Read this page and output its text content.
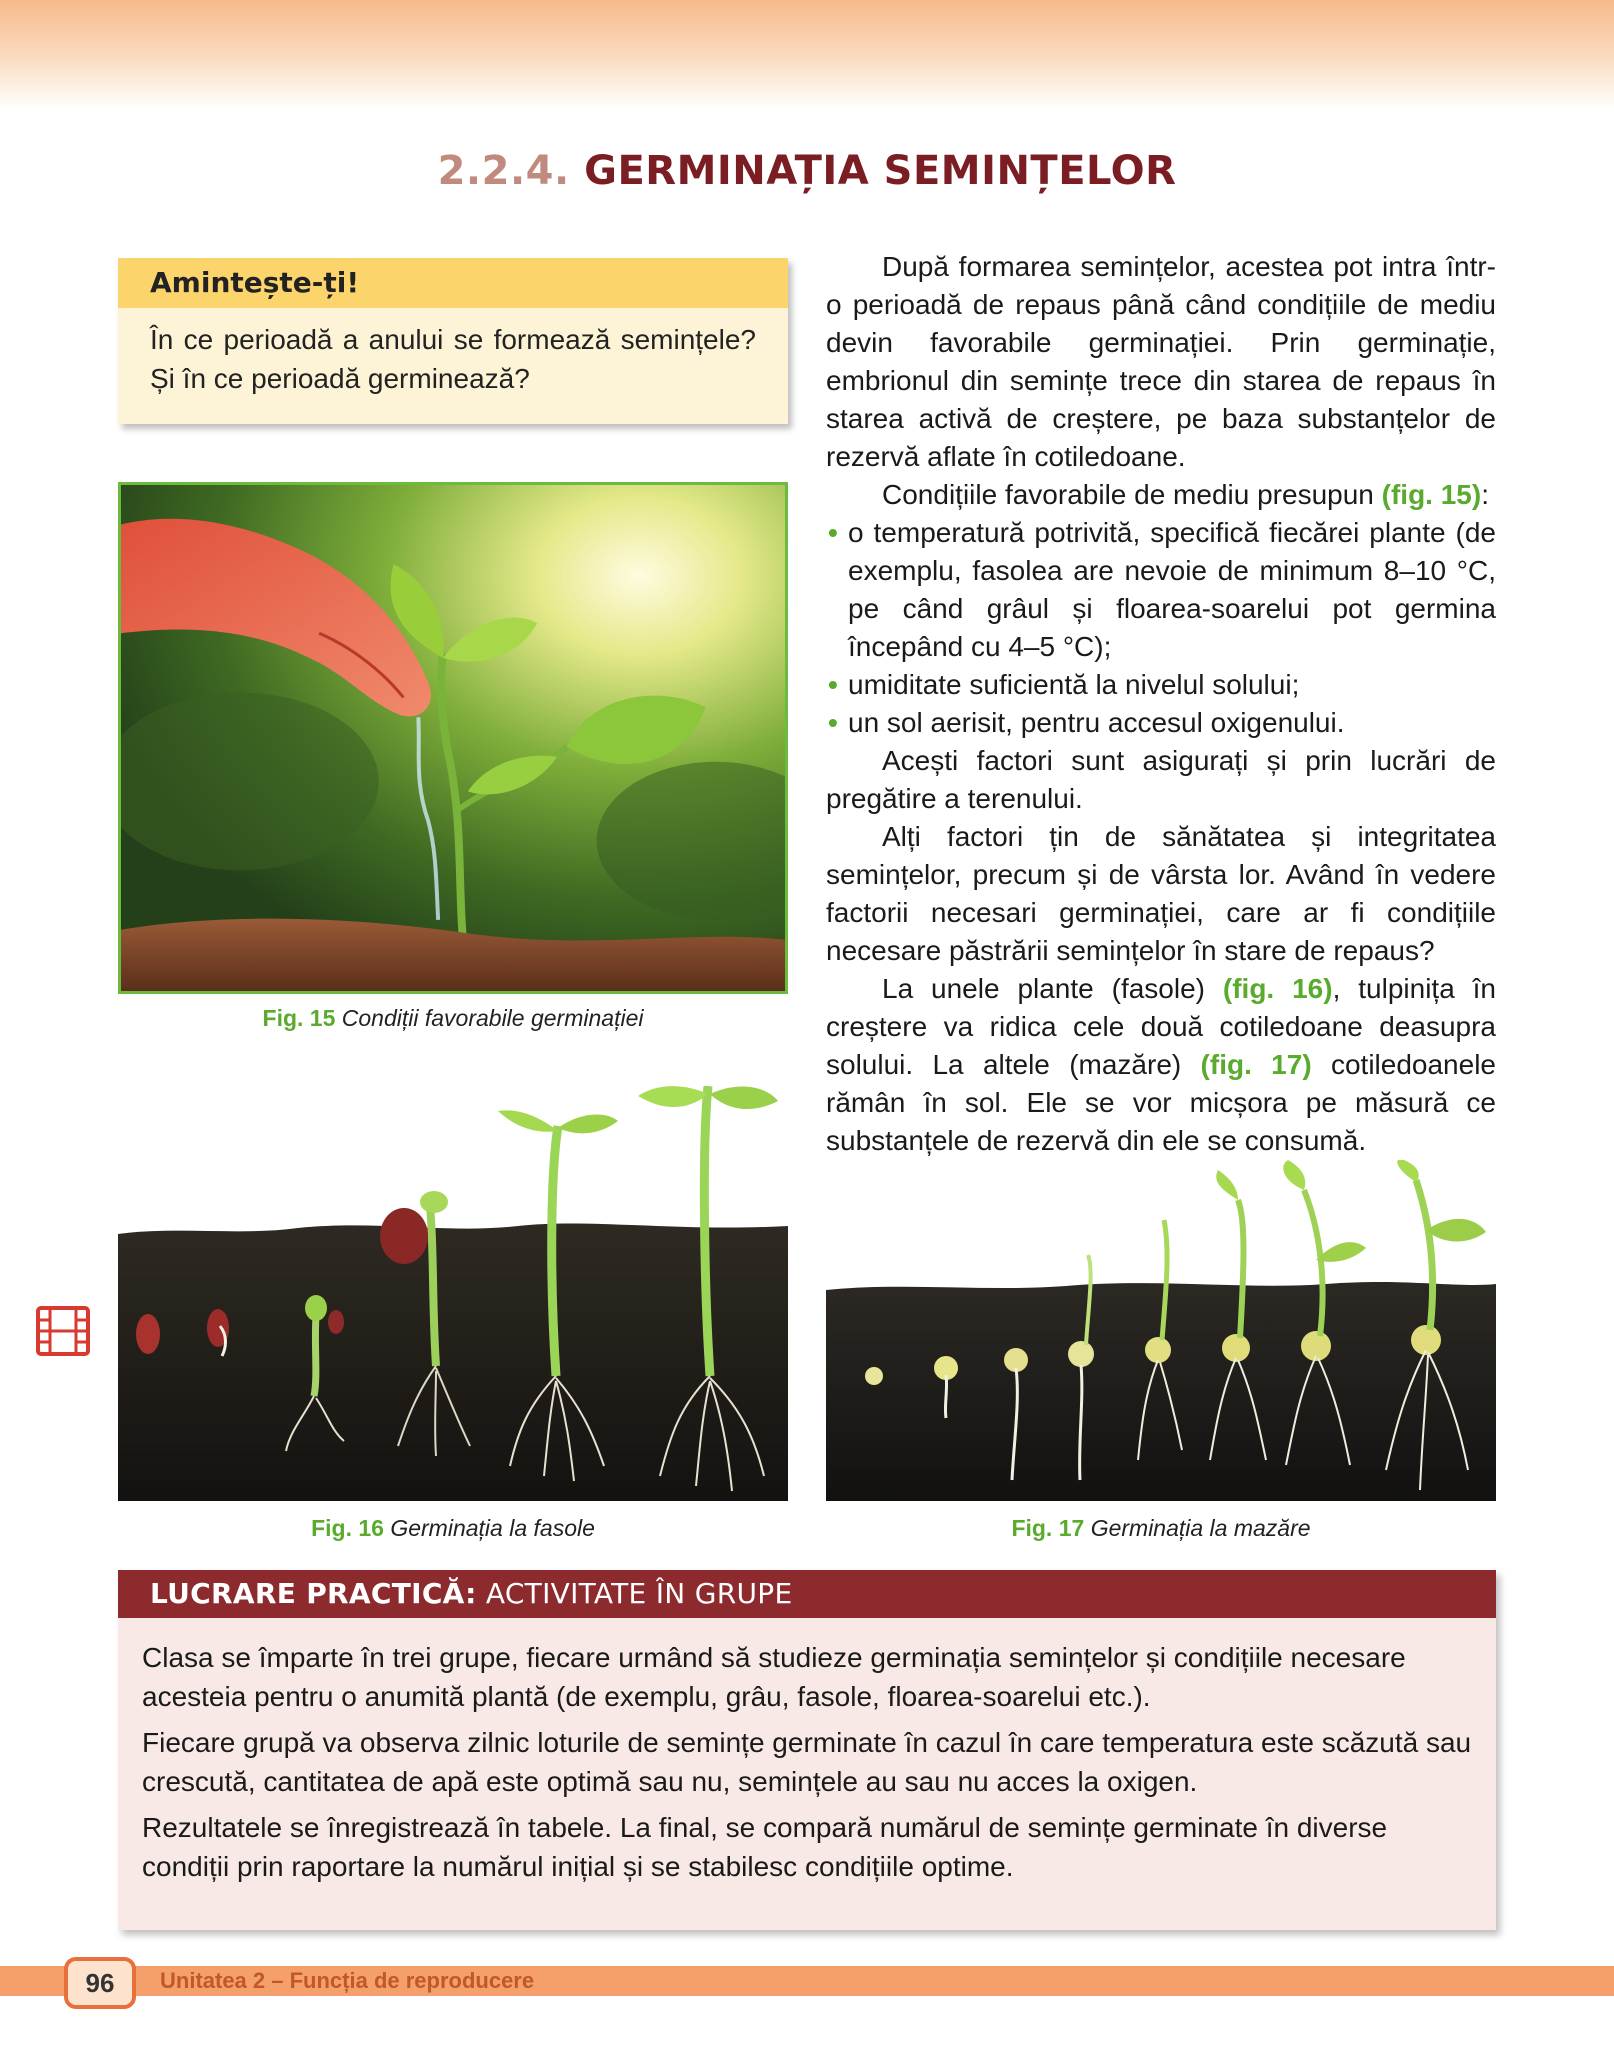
2.2.4. GERMINAȚIA SEMINȚELOR
Amintește-ți!
În ce perioadă a anului se formează semințele?
Și în ce perioadă germinează?
Fig. 15 Condiții favorabile germinației

După formarea semințelor, acestea pot intra într-o perioadă de repaus până când condițiile de mediu devin favorabile germinației. Prin germinație, embrionul din semințe trece din starea de repaus în starea activă de creștere, pe baza substanțelor de rezervă aflate în cotiledoane.

Condițiile favorabile de mediu presupun (fig. 15):

• o temperatură potrivită, specifică fiecărei plante (de exemplu, fasolea are nevoie de minimum 8–10 °C, pe când grâul și floarea-soarelui pot germina începând cu 4–5 °C);
• umiditate suficientă la nivelul solului;
• un sol aerisit, pentru accesul oxigenului.

Acești factori sunt asigurați și prin lucrări de pregătire a terenului.

Alți factori țin de sănătatea și integritatea semințelor, precum și de vârsta lor. Având în vedere factorii necesari germinației, care ar fi condițiile necesare păstrării semințelor în stare de repaus?

La unele plante (fasole) (fig. 16), tulpinița în creștere va ridica cele două cotiledoane deasupra solului. La altele (mazăre) (fig. 17) cotiledoanele rămân în sol. Ele se vor micșora pe măsură ce substanțele de rezervă din ele se consumă.

Fig. 16 Germinația la fasole	Fig. 17 Germinația la mazăre
LUCRARE PRACTICĂ: ACTIVITATE ÎN GRUPE

Clasa se împarte în trei grupe, fiecare urmând să studieze germinația semințelor și condițiile necesare acesteia pentru o anumită plantă (de exemplu, grâu, fasole, floarea-soarelui etc.).

Fiecare grupă va observa zilnic loturile de semințe germinate în cazul în care temperatura este scăzută sau crescută, cantitatea de apă este optimă sau nu, semințele au sau nu acces la oxigen.

Rezultatele se înregistrează în tabele. La final, se compară numărul de semințe germinate în diverse condiții prin raportare la numărul inițial și se stabilesc condițiile optime.

96	Unitatea 2 – Funcția de reproducere
